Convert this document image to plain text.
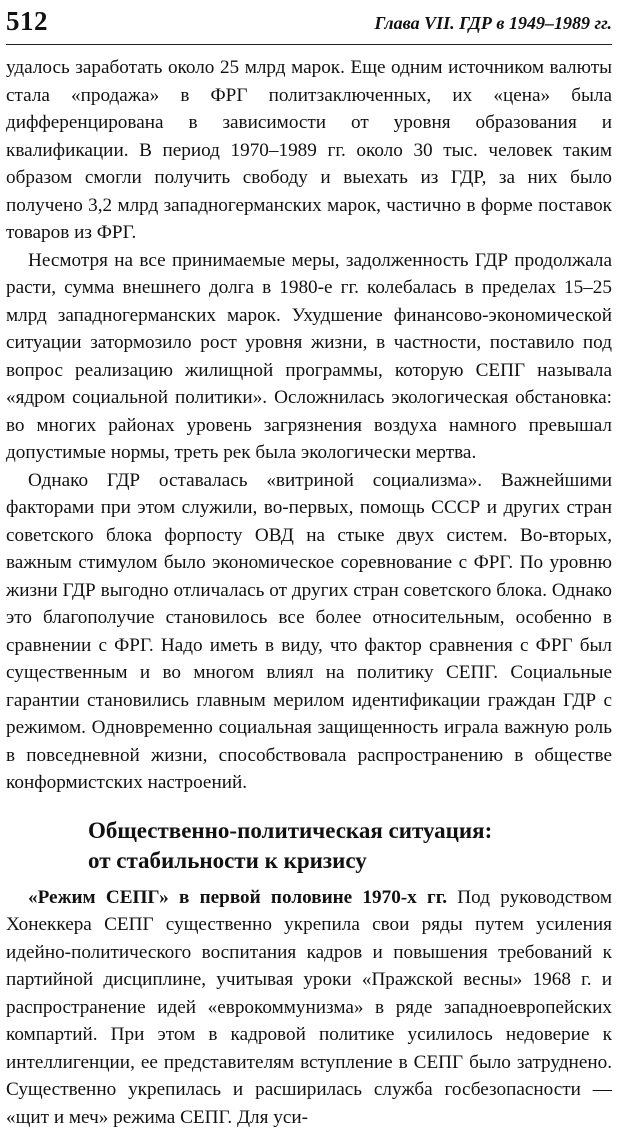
512	Глава VII. ГДР в 1949–1989 гг.

удалось заработать около 25 млрд марок. Еще одним источником валюты стала «продажа» в ФРГ политзаключенных, их «цена» была дифференцирована в зависимости от уровня образования и квалификации. В период 1970–1989 гг. около 30 тыс. человек таким образом смогли получить свободу и выехать из ГДР, за них было получено 3,2 млрд западногерманских марок, частично в форме поставок товаров из ФРГ.

Несмотря на все принимаемые меры, задолженность ГДР продолжала расти, сумма внешнего долга в 1980-е гг. колебалась в пределах 15–25 млрд западногерманских марок. Ухудшение финансово-экономической ситуации затормозило рост уровня жизни, в частности, поставило под вопрос реализацию жилищной программы, которую СЕПГ называла «ядром социальной политики». Осложнилась экологическая обстановка: во многих районах уровень загрязнения воздуха намного превышал допустимые нормы, треть рек была экологически мертва.

Однако ГДР оставалась «витриной социализма». Важнейшими факторами при этом служили, во-первых, помощь СССР и других стран советского блока форпосту ОВД на стыке двух систем. Во-вторых, важным стимулом было экономическое соревнование с ФРГ. По уровню жизни ГДР выгодно отличалась от других стран советского блока. Однако это благополучие становилось все более относительным, особенно в сравнении с ФРГ. Надо иметь в виду, что фактор сравнения с ФРГ был существенным и во многом влиял на политику СЕПГ. Социальные гарантии становились главным мерилом идентификации граждан ГДР с режимом. Одновременно социальная защищенность играла важную роль в повседневной жизни, способствовала распространению в обществе конформистских настроений.

Общественно-политическая ситуация:
от стабильности к кризису

«Режим СЕПГ» в первой половине 1970-х гг. Под руководством Хонеккера СЕПГ существенно укрепила свои ряды путем усиления идейно-политического воспитания кадров и повышения требований к партийной дисциплине, учитывая уроки «Пражской весны» 1968 г. и распространение идей «еврокоммунизма» в ряде западноевропейских компартий. При этом в кадровой политике усилилось недоверие к интеллигенции, ее представителям вступление в СЕПГ было затруднено. Существенно укрепилась и расширилась служба госбезопасности — «щит и меч» режима СЕПГ. Для уси-
